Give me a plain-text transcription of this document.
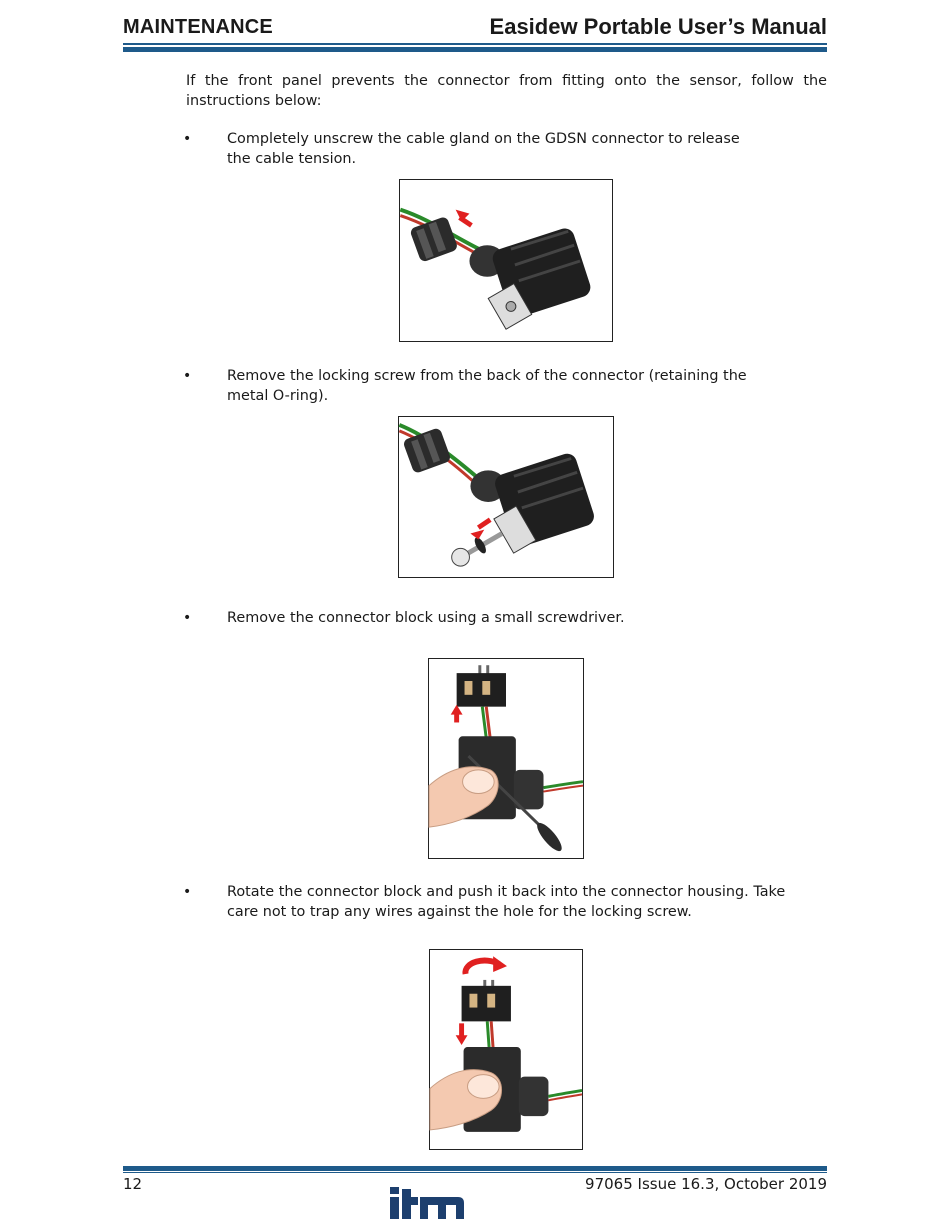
MAINTENANCE	Easidew Portable User’s Manual
If the front panel prevents the connector from fitting onto the sensor, follow the instructions below:
• Completely unscrew the cable gland on the GDSN connector to release the cable tension.
• Remove the locking screw from the back of the connector (retaining the metal O-ring).
• Remove the connector block using a small screwdriver.
• Rotate the connector block and push it back into the connector housing. Take care not to trap any wires against the hole for the locking screw.
12	97065 Issue 16.3, October 2019
